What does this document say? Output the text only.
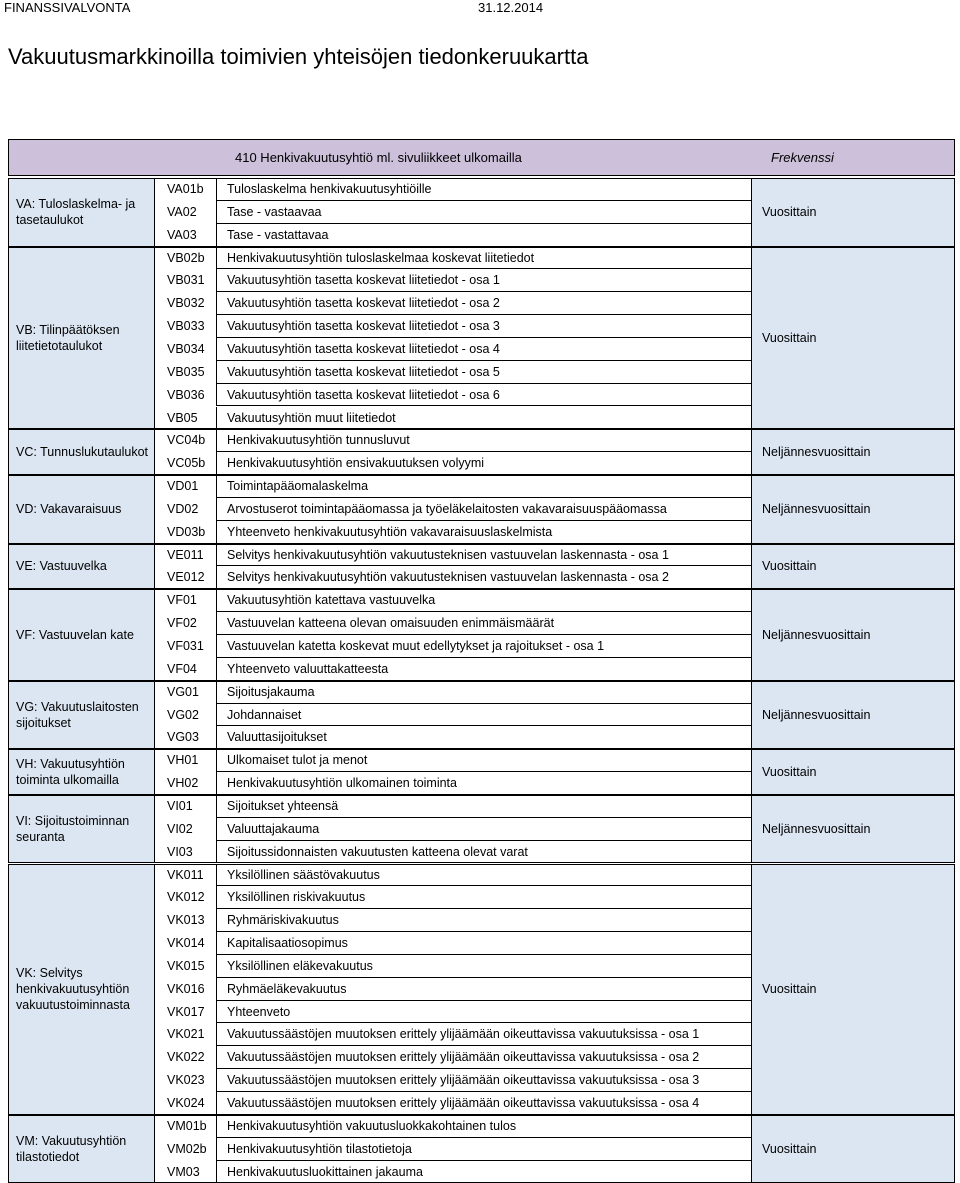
FINANSSIVALVONTA	31.12.2014
Vakuutusmarkkinoilla toimivien yhteisöjen tiedonkeruukartta
410 Henkivakuutusyhtiö ml. sivuliikkeet ulkomailla	Frekvenssi
VA: Tuloslaskelma- ja tasetaulukot
Vuosittain
VA01b Tuloslaskelma henkivakuutusyhtiöille
VA02 Tase - vastaavaa
VA03 Tase - vastattavaa
VB: Tilinpäätöksen liitetietotaulukot
Vuosittain
VB02b Henkivakuutusyhtiön tuloslaskelmaa koskevat liitetiedot
VB031 Vakuutusyhtiön tasetta koskevat liitetiedot - osa 1
VB032 Vakuutusyhtiön tasetta koskevat liitetiedot - osa 2
VB033 Vakuutusyhtiön tasetta koskevat liitetiedot - osa 3
VB034 Vakuutusyhtiön tasetta koskevat liitetiedot - osa 4
VB035 Vakuutusyhtiön tasetta koskevat liitetiedot - osa 5
VB036 Vakuutusyhtiön tasetta koskevat liitetiedot - osa 6
VB05 Vakuutusyhtiön muut liitetiedot
VC: Tunnuslukutaulukot	Neljännesvuosittain
VC04b Henkivakuutusyhtiön tunnusluvut
VC05b Henkivakuutusyhtiön ensivakuutuksen volyymi
VD: Vakavaraisuus	Neljännesvuosittain
VD01 Toimintapääomalaskelma
VD02 Arvostuserot toimintapääomassa ja työeläkelaitosten vakavaraisuuspääomassa
VD03b Yhteenveto henkivakuutusyhtiön vakavaraisuuslaskelmista
VE: Vastuuvelka	Vuosittain
VE011 Selvitys henkivakuutusyhtiön vakuutusteknisen vastuuvelan laskennasta - osa 1
VE012 Selvitys henkivakuutusyhtiön vakuutusteknisen vastuuvelan laskennasta - osa 2
VF: Vastuuvelan kate	Neljännesvuosittain
VF01 Vakuutusyhtiön katettava vastuuvelka
VF02 Vastuuvelan katteena olevan omaisuuden enimmäismäärät
VF031 Vastuuvelan katetta koskevat muut edellytykset ja rajoitukset - osa 1
VF04 Yhteenveto valuuttakatteesta
VG: Vakuutuslaitosten sijoitukset
Neljännesvuosittain
VG01 Sijoitusjakauma
VG02 Johdannaiset
VG03 Valuuttasijoitukset
VH: Vakuutusyhtiön toiminta ulkomailla
Vuosittain
VH01 Ulkomaiset tulot ja menot
VH02 Henkivakuutusyhtiön ulkomainen toiminta
VI: Sijoitustoiminnan seuranta
Neljännesvuosittain
VI01	Sijoitukset yhteensä
VI02	Valuuttajakauma
VI03	Sijoitussidonnaisten vakuutusten katteena olevat varat
VK: Selvitys henkivakuutusyhtiön vakuutustoiminnasta
Vuosittain
VK011 Yksilöllinen säästövakuutus
VK012 Yksilöllinen riskivakuutus
VK013 Ryhmäriskivakuutus
VK014 Kapitalisaatiosopimus
VK015 Yksilöllinen eläkevakuutus
VK016 Ryhmäeläkevakuutus
VK017 Yhteenveto
VK021 Vakuutussäästöjen muutoksen erittely ylijäämään oikeuttavissa vakuutuksissa - osa 1
VK022 Vakuutussäästöjen muutoksen erittely ylijäämään oikeuttavissa vakuutuksissa - osa 2
VK023 Vakuutussäästöjen muutoksen erittely ylijäämään oikeuttavissa vakuutuksissa - osa 3
VK024 Vakuutussäästöjen muutoksen erittely ylijäämään oikeuttavissa vakuutuksissa - osa 4
VM: Vakuutusyhtiön tilastotiedot
Vuosittain
VM01b Henkivakuutusyhtiön vakuutusluokkakohtainen tulos
VM02b Henkivakuutusyhtiön tilastotietoja
VM03 Henkivakuutusluokittainen jakauma
